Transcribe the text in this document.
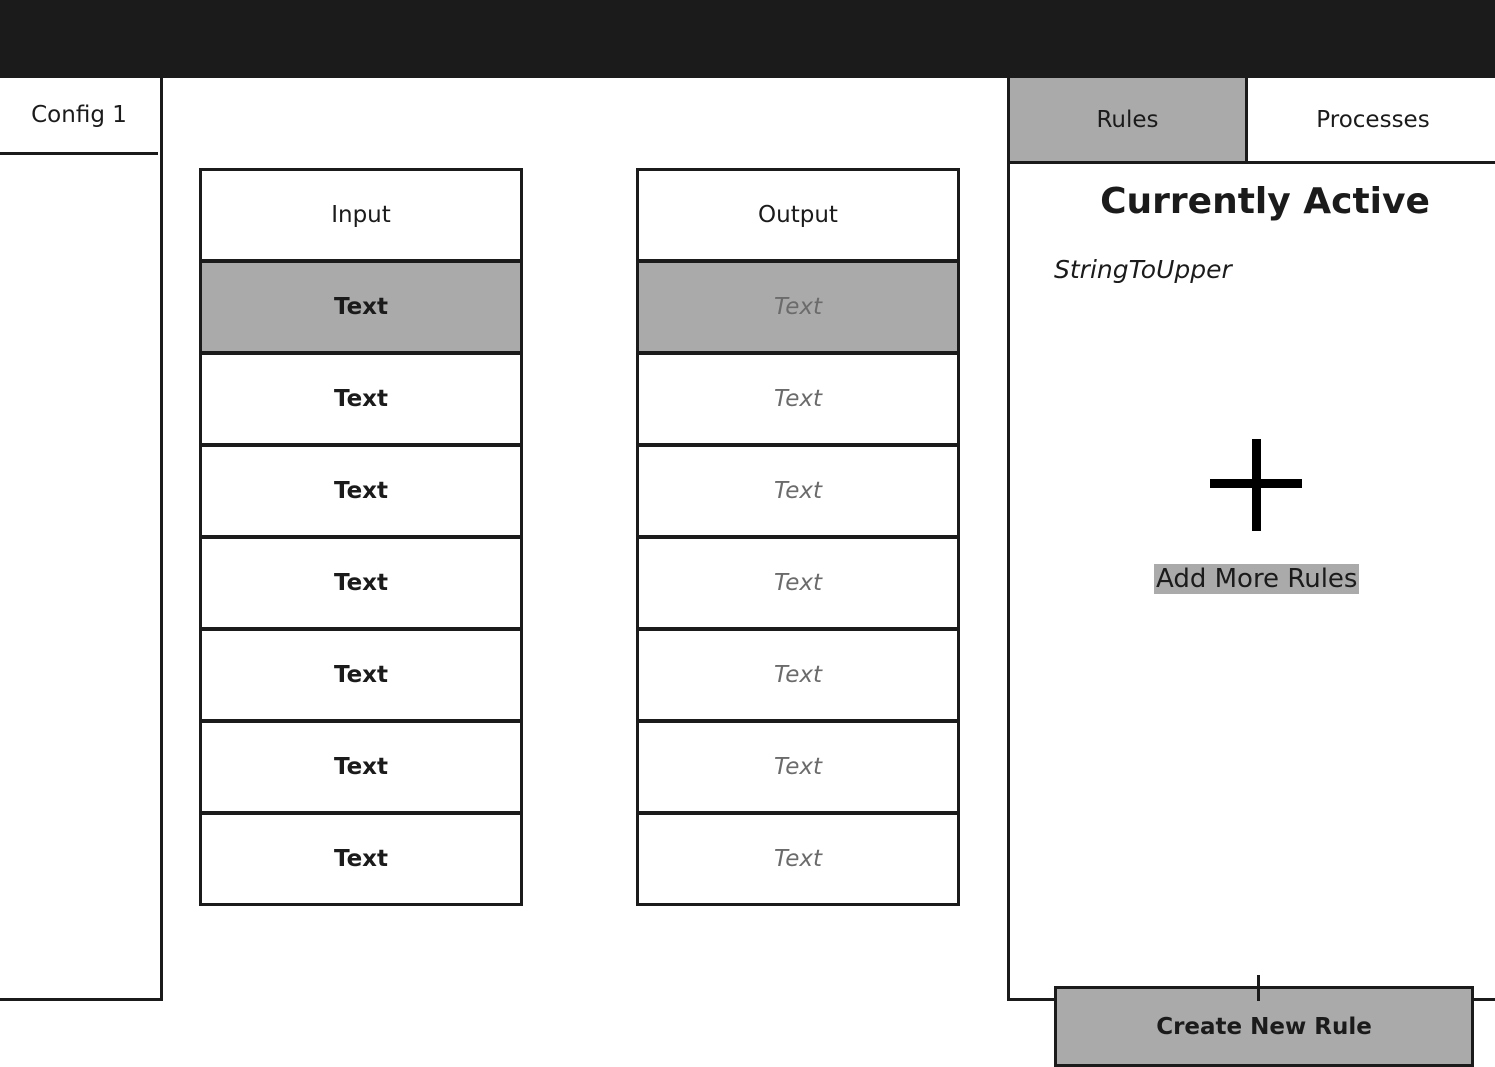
Config 1
Input
Text
Text
Text
Text
Text
Text
Text
Output
Text
Text
Text
Text
Text
Text
Text
Rules	Processes
Currently Active
StringToUpper
Add More Rules
Create New Rule
